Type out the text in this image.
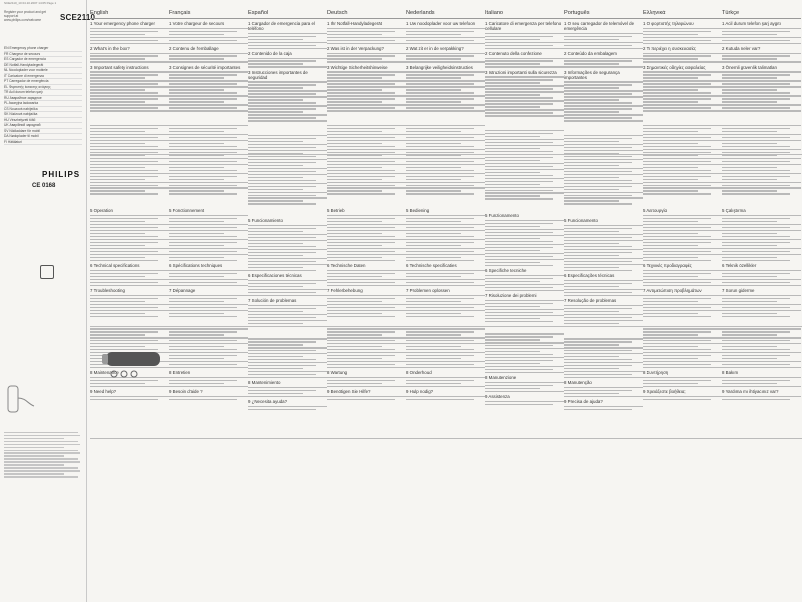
SCE2110_10 04.10.2007 14:05 Page 1
Register your product and get support at
www.philips.com/welcome	SCE2110
EN Emergency phone charger
FR Chargeur de secours
ES Cargador de emergencia
DE Notfall-Handyladegerät
NL Noodoplader voor mobiele
IT Caricatore di emergenza
PT Carregador de emergência
EL Φορτιστής έκτακτης ανάγκης
TR Acil durum telefon şarjı
RU Аварийное зарядное
PL Awaryjna ładowarka
CS Nouzová nabíječka
SK Núdzová nabíjačka
HU Vészhelyzeti töltő
UK Аварійний зарядний
SV Nödladdare för mobil
DA Nødoplader til mobil
FI Hätälaturi
PHILIPS
CE 0168
English
1 Your emergency phone charger
2 What's in the box?
3 Important safety instructions
5 Operation
6 Technical specifications
7 Troubleshooting
8 Maintenance
9 Need help?
Français
1 Votre chargeur de secours
2 Contenu de l'emballage
3 Consignes de sécurité importantes
5 Fonctionnement
6 Spécifications techniques
7 Dépannage
8 Entretien
9 Besoin d'aide ?
Español
1 Cargador de emergencia para el teléfono
2 Contenido de la caja
3 Instrucciones importantes de seguridad
5 Funcionamiento
6 Especificaciones técnicas
7 Solución de problemas
8 Mantenimiento
9 ¿Necesita ayuda?
Deutsch
1 Ihr Notfall-Handyladegerät
2 Was ist in der Verpackung?
3 Wichtige Sicherheitshinweise
5 Betrieb
6 Technische Daten
7 Fehlerbehebung
8 Wartung
9 Benötigen Sie Hilfe?
Nederlands
1 Uw noodoplader voor uw telefoon
2 Wat zit er in de verpakking?
3 Belangrijke veiligheidsinstructies
5 Bediening
6 Technische specificaties
7 Problemen oplossen
8 Onderhoud
9 Hulp nodig?
Italiano
1 Caricatore di emergenza per telefono cellulare
2 Contenuto della confezione
3 Istruzioni importanti sulla sicurezza
5 Funzionamento
6 Specifiche tecniche
7 Risoluzione dei problemi
8 Manutenzione
9 Assistenza
Português
1 O seu carregador de telemóvel de emergência
2 Conteúdo da embalagem
3 Informações de segurança importantes
5 Funcionamento
6 Especificações técnicas
7 Resolução de problemas
8 Manutenção
9 Precisa de ajuda?
Ελληνικά
1 Ο φορτιστής τηλεφώνου
2 Τι περιέχει η συσκευασία;
3 Σημαντικές οδηγίες ασφαλείας
5 Λειτουργία
6 Τεχνικές προδιαγραφές
7 Αντιμετώπιση προβλημάτων
8 Συντήρηση
9 Χρειάζεστε βοήθεια;
Türkçe
1 Acil durum telefon şarj aygıtı
2 Kutuda neler var?
3 Önemli güvenlik talimatları
5 Çalıştırma
6 Teknik özellikler
7 Sorun giderme
8 Bakım
9 Yardıma mı ihtiyacınız var?
